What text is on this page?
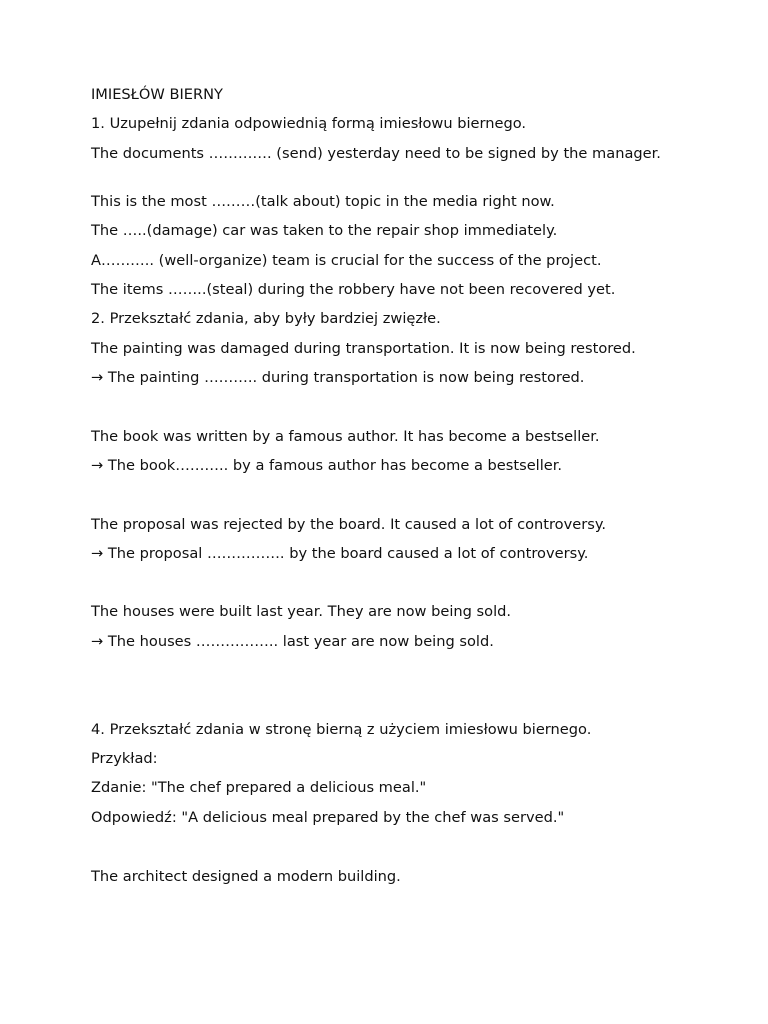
IMIESŁÓW BIERNY

1. Uzupełnij zdania odpowiednią formą imiesłowu biernego.

The documents …………. (send) yesterday need to be signed by the manager.

This is the most ………(talk about) topic in the media right now.

The …..(damage) car was taken to the repair shop immediately.

A……….. (well-organize) team is crucial for the success of the project.

The items ……..(steal) during the robbery have not been recovered yet.

2. Przekształć zdania, aby były bardziej zwięzłe.

The painting was damaged during transportation. It is now being restored.

→ The painting ……….. during transportation is now being restored.

The book was written by a famous author. It has become a bestseller.

→ The book……….. by a famous author has become a bestseller.

The proposal was rejected by the board. It caused a lot of controversy.

→ The proposal ……………. by the board caused a lot of controversy.

The houses were built last year. They are now being sold.

→ The houses …………….. last year are now being sold.

4. Przekształć zdania w stronę bierną z użyciem imiesłowu biernego.

Przykład:

Zdanie: "The chef prepared a delicious meal."

Odpowiedź: "A delicious meal prepared by the chef was served."

The architect designed a modern building.
